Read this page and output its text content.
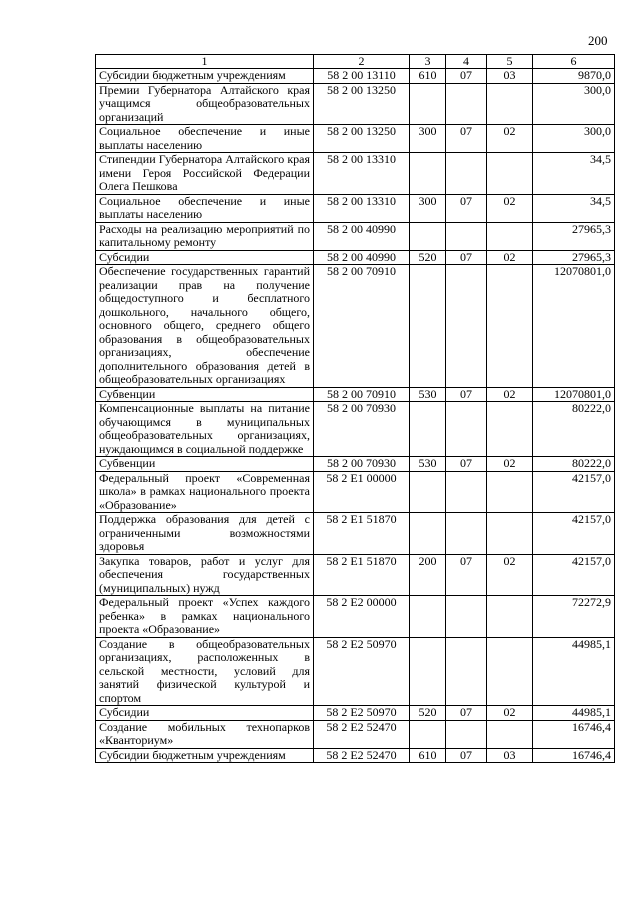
200
1	2	3	4	5	6
Субсидии бюджетным учреждениям	58 2 00 13110	610	07	03	9870,0
Премии Губернатора Алтайского края учащимся общеобразовательных организаций	58 2 00 13250				300,0
Социальное обеспечение и иные выплаты населению	58 2 00 13250	300	07	02	300,0
Стипендии Губернатора Алтайского края имени Героя Российской Федерации Олега Пешкова	58 2 00 13310				34,5
Социальное обеспечение и иные выплаты населению	58 2 00 13310	300	07	02	34,5
Расходы на реализацию мероприятий по капитальному ремонту	58 2 00 40990				27965,3
Субсидии	58 2 00 40990	520	07	02	27965,3
Обеспечение государственных гарантий реализации прав на получение общедоступного и бесплатного дошкольного, начального общего, основного общего, среднего общего образования в общеобразовательных организациях, обеспечение дополнительного образования детей в общеобразовательных организациях	58 2 00 70910				12070801,0
Субвенции	58 2 00 70910	530	07	02	12070801,0
Компенсационные выплаты на питание обучающимся в муниципальных общеобразовательных организациях, нуждающимся в социальной поддержке	58 2 00 70930				80222,0
Субвенции	58 2 00 70930	530	07	02	80222,0
Федеральный проект «Современная школа» в рамках национального проекта «Образование»	58 2 E1 00000				42157,0
Поддержка образования для детей с ограниченными возможностями здоровья	58 2 E1 51870				42157,0
Закупка товаров, работ и услуг для обеспечения государственных (муниципальных) нужд	58 2 E1 51870	200	07	02	42157,0
Федеральный проект «Успех каждого ребенка» в рамках национального проекта «Образование»	58 2 E2 00000				72272,9
Создание в общеобразовательных организациях, расположенных в сельской местности, условий для занятий физической культурой и спортом	58 2 E2 50970				44985,1
Субсидии	58 2 E2 50970	520	07	02	44985,1
Создание мобильных технопарков «Кванториум»	58 2 E2 52470				16746,4
Субсидии бюджетным учреждениям	58 2 E2 52470	610	07	03	16746,4
